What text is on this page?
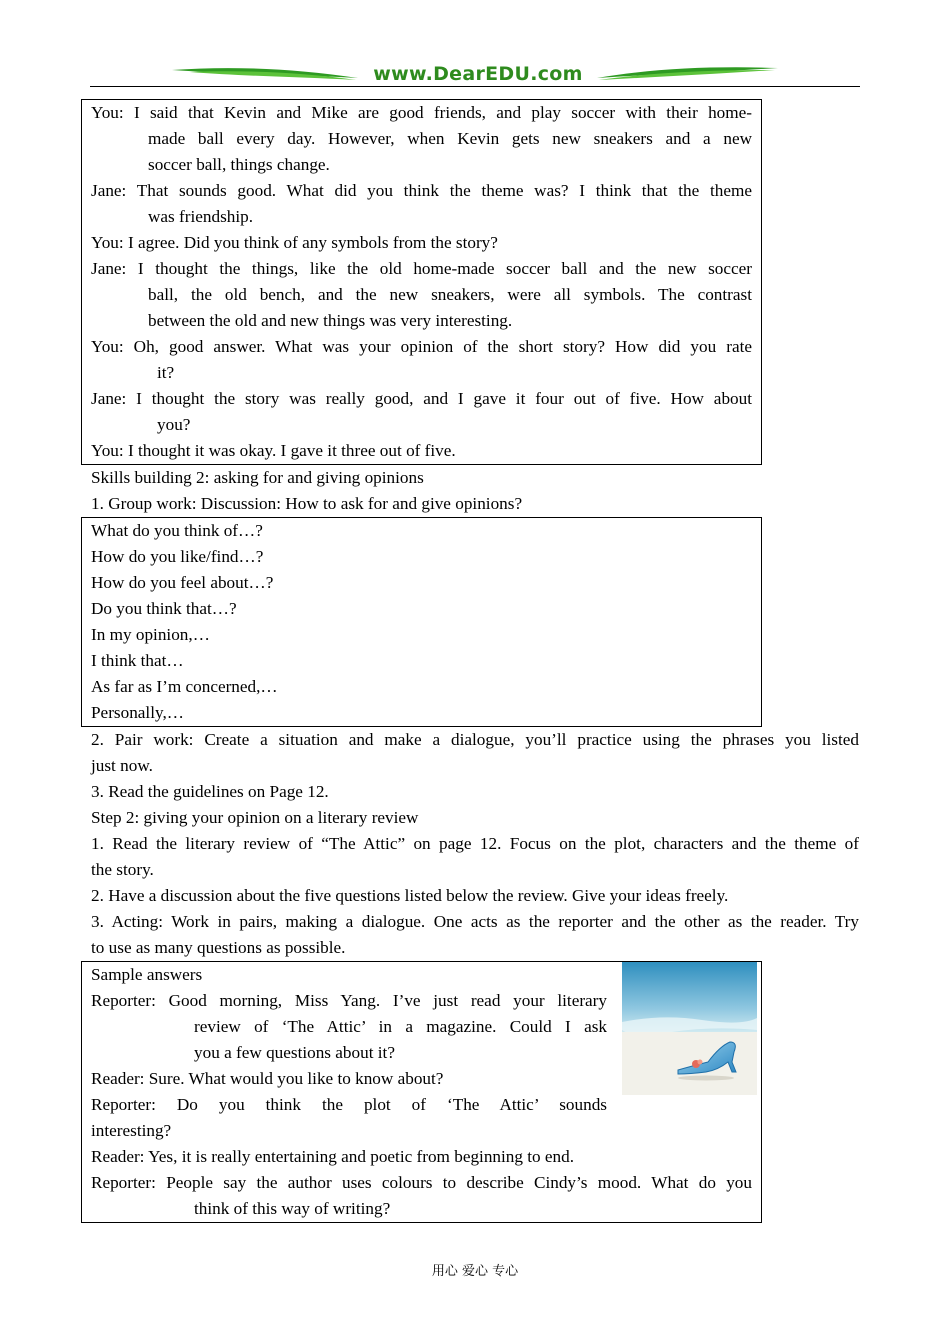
www.DearEDU.com
You: I said that Kevin and Mike are good friends, and play soccer with their home-
made ball every day. However, when Kevin gets new sneakers and a new
soccer ball, things change.
Jane: That sounds good. What did you think the theme was? I think that the theme
was friendship.
You: I agree. Did you think of any symbols from the story?
Jane: I thought the things, like the old home-made soccer ball and the new soccer
ball, the old bench, and the new sneakers, were all symbols. The contrast
between the old and new things was very interesting.
You: Oh, good answer. What was your opinion of the short story? How did you rate
it?
Jane: I thought the story was really good, and I gave it four out of five. How about
you?
You: I thought it was okay. I gave it three out of five.
Skills building 2: asking for and giving opinions
1. Group work: Discussion: How to ask for and give opinions?
What do you think of…?
How do you like/find…?
How do you feel about…?
Do you think that…?
In my opinion,…
I think that…
As far as I’m concerned,…
Personally,…
2. Pair work: Create a situation and make a dialogue, you’ll practice using the phrases you listed
just now.
3. Read the guidelines on Page 12.
Step 2: giving your opinion on a literary review
1. Read the literary review of “The Attic” on page 12. Focus on the plot, characters and the theme of
the story.
2. Have a discussion about the five questions listed below the review. Give your ideas freely.
3. Acting: Work in pairs, making a dialogue. One acts as the reporter and the other as the reader. Try
to use as many questions as possible.
Sample answers
Reporter: Good morning, Miss Yang. I’ve just read your literary
review of ‘The Attic’ in a magazine. Could I ask
you a few questions about it?
Reader: Sure. What would you like to know about?
Reporter: Do you think the plot of ‘The Attic’ sounds
interesting?
Reader: Yes, it is really entertaining and poetic from beginning to end.
Reporter: People say the author uses colours to describe Cindy’s mood. What do you
think of this way of writing?
用心 爱心 专心
